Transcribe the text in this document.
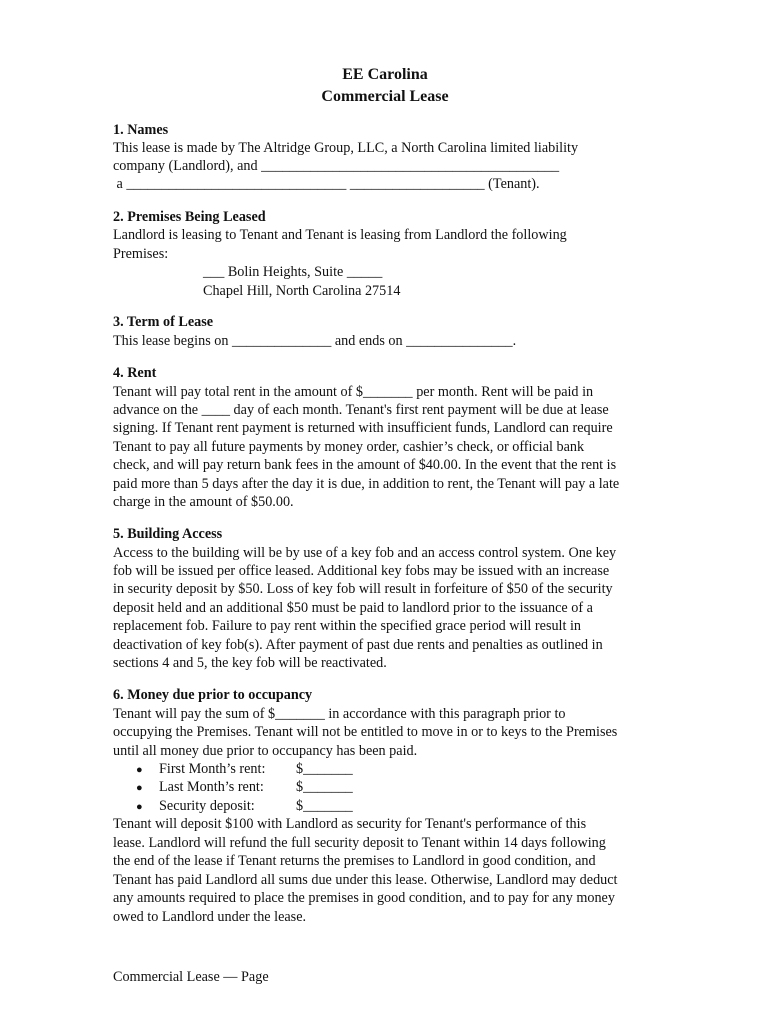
EE Carolina
Commercial Lease
1. Names
This lease is made by The Altridge Group, LLC, a North Carolina limited liability
company (Landlord), and __________________________________________
a _______________________________ ___________________ (Tenant).
2. Premises Being Leased
Landlord is leasing to Tenant and Tenant is leasing from Landlord the following
Premises:
___ Bolin Heights, Suite _____
Chapel Hill, North Carolina 27514
3. Term of Lease
This lease begins on ______________ and ends on _______________.
4. Rent
Tenant will pay total rent in the amount of $_______ per month. Rent will be paid in
advance on the ____ day of each month. Tenant's first rent payment will be due at lease
signing. If Tenant rent payment is returned with insufficient funds, Landlord can require
Tenant to pay all future payments by money order, cashier’s check, or official bank
check, and will pay return bank fees in the amount of $40.00. In the event that the rent is
paid more than 5 days after the day it is due, in addition to rent, the Tenant will pay a late
charge in the amount of $50.00.
5. Building Access
Access to the building will be by use of a key fob and an access control system. One key
fob will be issued per office leased. Additional key fobs may be issued with an increase
in security deposit by $50. Loss of key fob will result in forfeiture of $50 of the security
deposit held and an additional $50 must be paid to landlord prior to the issuance of a
replacement fob. Failure to pay rent within the specified grace period will result in
deactivation of key fob(s). After payment of past due rents and penalties as outlined in
sections 4 and 5, the key fob will be reactivated.
6. Money due prior to occupancy
Tenant will pay the sum of $_______ in accordance with this paragraph prior to
occupying the Premises. Tenant will not be entitled to move in or to keys to the Premises
until all money due prior to occupancy has been paid.
● First Month’s rent: $_______
● Last Month’s rent: $_______
● Security deposit:	$_______
Tenant will deposit $100 with Landlord as security for Tenant's performance of this
lease. Landlord will refund the full security deposit to Tenant within 14 days following
the end of the lease if Tenant returns the premises to Landlord in good condition, and
Tenant has paid Landlord all sums due under this lease. Otherwise, Landlord may deduct
any amounts required to place the premises in good condition, and to pay for any money
owed to Landlord under the lease.
Commercial Lease — Page
